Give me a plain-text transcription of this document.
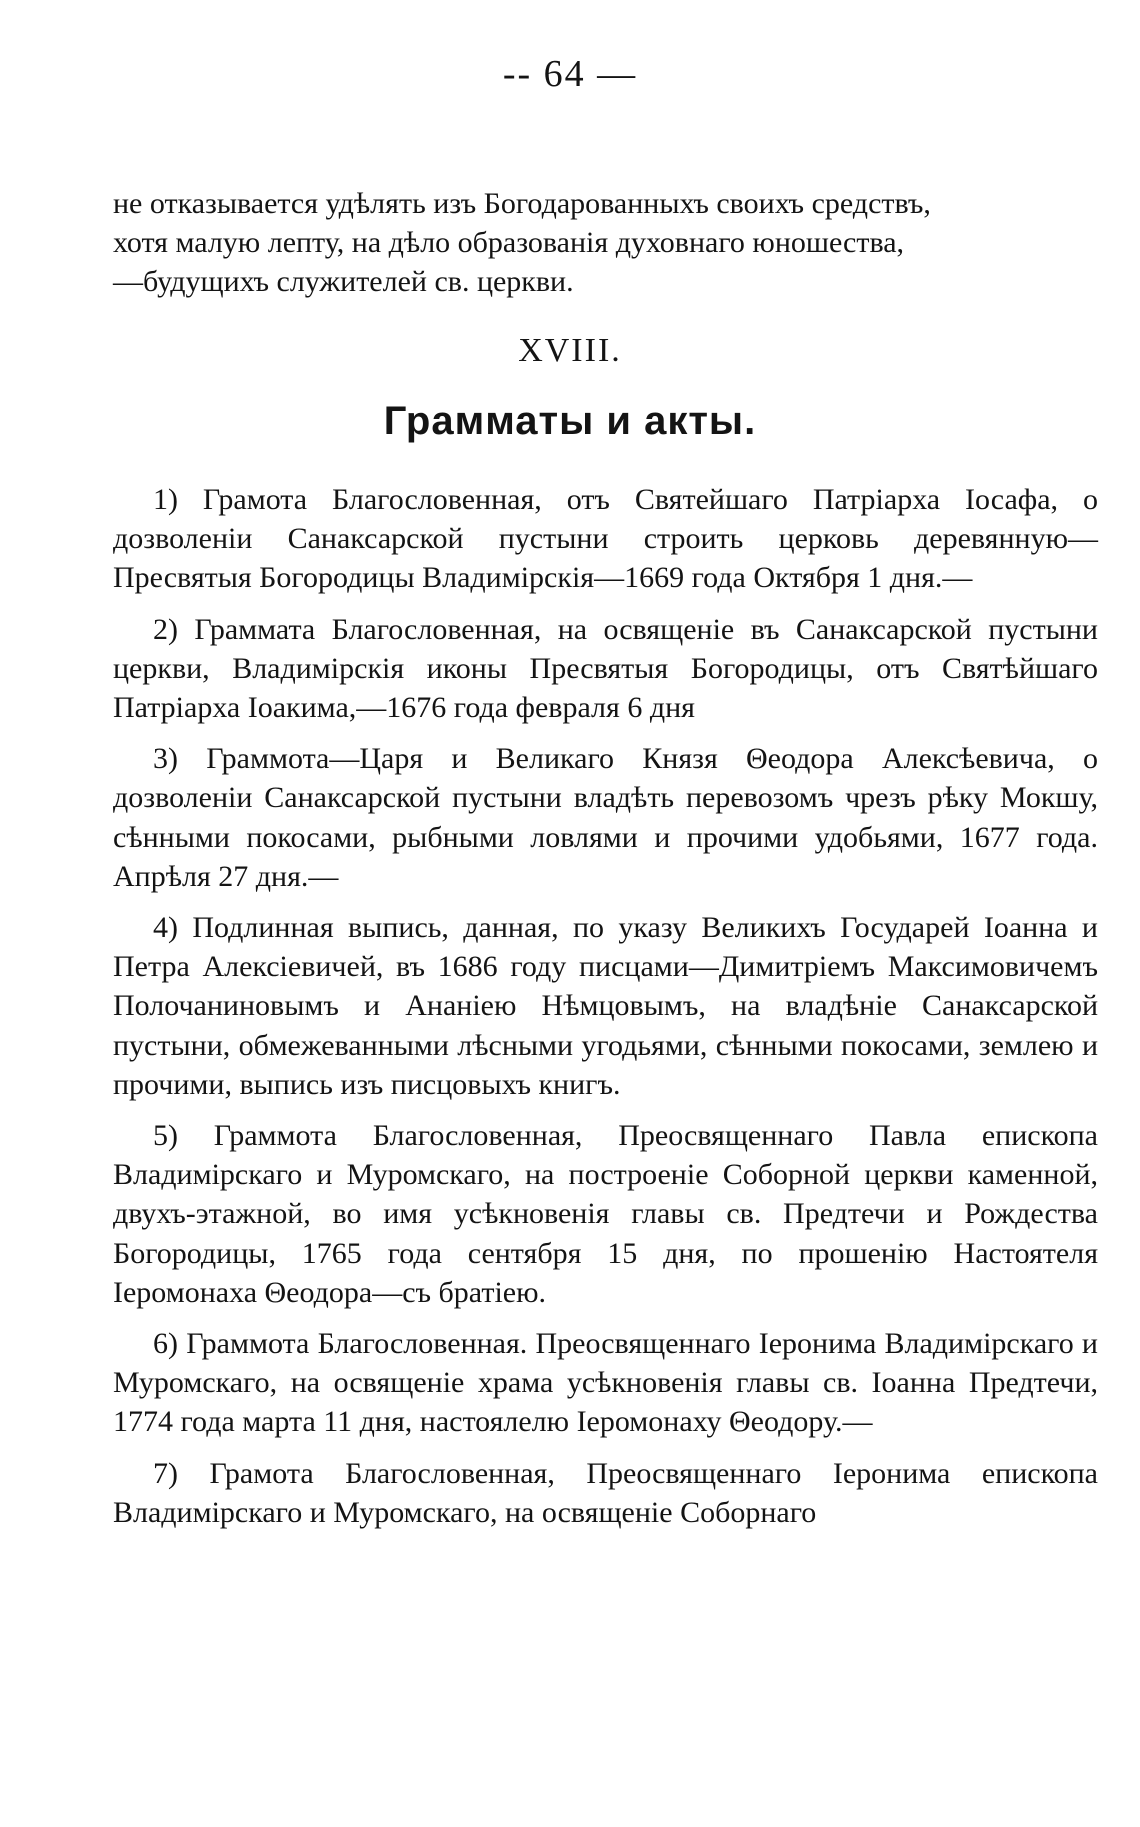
-- 64 —
не отказывается удѣлять изъ Богодарованныхъ своихъ средствъ,
хотя малую лепту, на дѣло образованія духовнаго юношества,
—будущихъ служителей св. церкви.
XVIII.
Грамматы и акты.

1) Грамота Благословенная, отъ Святейшаго Патріарха Іосафа, о дозволеніи Санаксарской пустыни строить церковь деревянную—Пресвятыя Богородицы Владимірскія—1669 года Октября 1 дня.—

2) Граммата Благословенная, на освященіе въ Санаксарской пустыни церкви, Владимірскія иконы Пресвятыя Богородицы, отъ Святѣйшаго Патріарха Іоакима,—1676 года февраля 6 дня

3) Граммота—Царя и Великаго Князя Θеодора Алексѣевича, о дозволеніи Санаксарской пустыни владѣть перевозомъ чрезъ рѣку Мокшу, сѣнными покосами, рыбными ловлями и прочими удобьями, 1677 года. Апрѣля 27 дня.—

4) Подлинная выпись, данная, по указу Великихъ Государей Іоанна и Петра Алексіевичей, въ 1686 году писцами—Димитріемъ Максимовичемъ Полочаниновымъ и Ананіею Нѣмцовымъ, на владѣніе Санаксарской пустыни, обмежеванными лѣсными угодьями, сѣнными покосами, землею и прочими, выпись изъ писцовыхъ книгъ.

5) Граммота Благословенная, Преосвященнаго Павла епископа Владимірскаго и Муромскаго, на построеніе Соборной церкви каменной, двухъ-этажной, во имя усѣкновенія главы св. Предтечи и Рождества Богородицы, 1765 года сентября 15 дня, по прошенію Настоятеля Іеромонаха Θеодора—съ братіею.

6) Граммота Благословенная. Преосвященнаго Іеронима Владимірскаго и Муромскаго, на освященіе храма усѣкновенія главы св. Іоанна Предтечи, 1774 года марта 11 дня, настоялелю Іеромонаху Θеодору.—

7) Грамота Благословенная, Преосвященнаго Іеронима епископа Владимірскаго и Муромскаго, на освященіе Соборнаго
